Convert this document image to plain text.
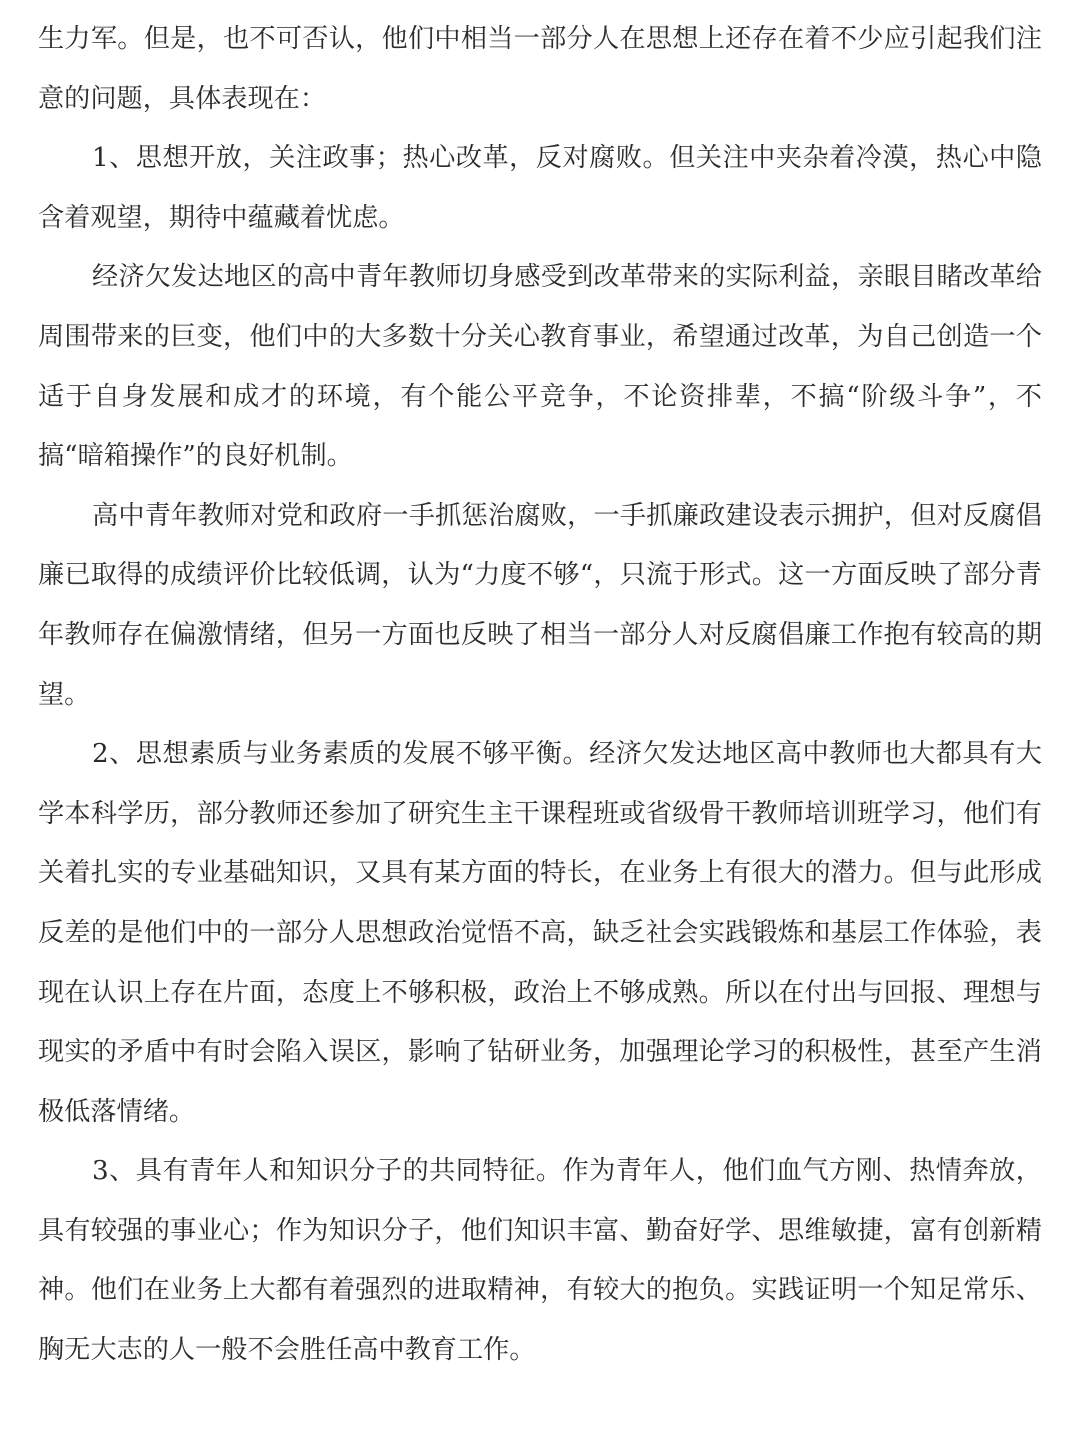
生力军。但是，也不可否认，他们中相当一部分人在思想上还存在着不少应引起我们注意的问题，具体表现在：

1、思想开放，关注政事；热心改革，反对腐败。但关注中夹杂着冷漠，热心中隐含着观望，期待中蕴藏着忧虑。

经济欠发达地区的高中青年教师切身感受到改革带来的实际利益，亲眼目睹改革给周围带来的巨变，他们中的大多数十分关心教育事业，希望通过改革，为自己创造一个适于自身发展和成才的环境，有个能公平竞争，不论资排辈，不搞“阶级斗争”，不搞“暗箱操作”的良好机制。

高中青年教师对党和政府一手抓惩治腐败，一手抓廉政建设表示拥护，但对反腐倡廉已取得的成绩评价比较低调，认为“力度不够“，只流于形式。这一方面反映了部分青年教师存在偏激情绪，但另一方面也反映了相当一部分人对反腐倡廉工作抱有较高的期望。

2、思想素质与业务素质的发展不够平衡。经济欠发达地区高中教师也大都具有大学本科学历，部分教师还参加了研究生主干课程班或省级骨干教师培训班学习，他们有关着扎实的专业基础知识，又具有某方面的特长，在业务上有很大的潜力。但与此形成反差的是他们中的一部分人思想政治觉悟不高，缺乏社会实践锻炼和基层工作体验，表现在认识上存在片面，态度上不够积极，政治上不够成熟。所以在付出与回报、理想与现实的矛盾中有时会陷入误区，影响了钻研业务，加强理论学习的积极性，甚至产生消极低落情绪。

3、具有青年人和知识分子的共同特征。作为青年人，他们血气方刚、热情奔放，具有较强的事业心；作为知识分子，他们知识丰富、勤奋好学、思维敏捷，富有创新精神。他们在业务上大都有着强烈的进取精神，有较大的抱负。实践证明一个知足常乐、胸无大志的人一般不会胜任高中教育工作。
